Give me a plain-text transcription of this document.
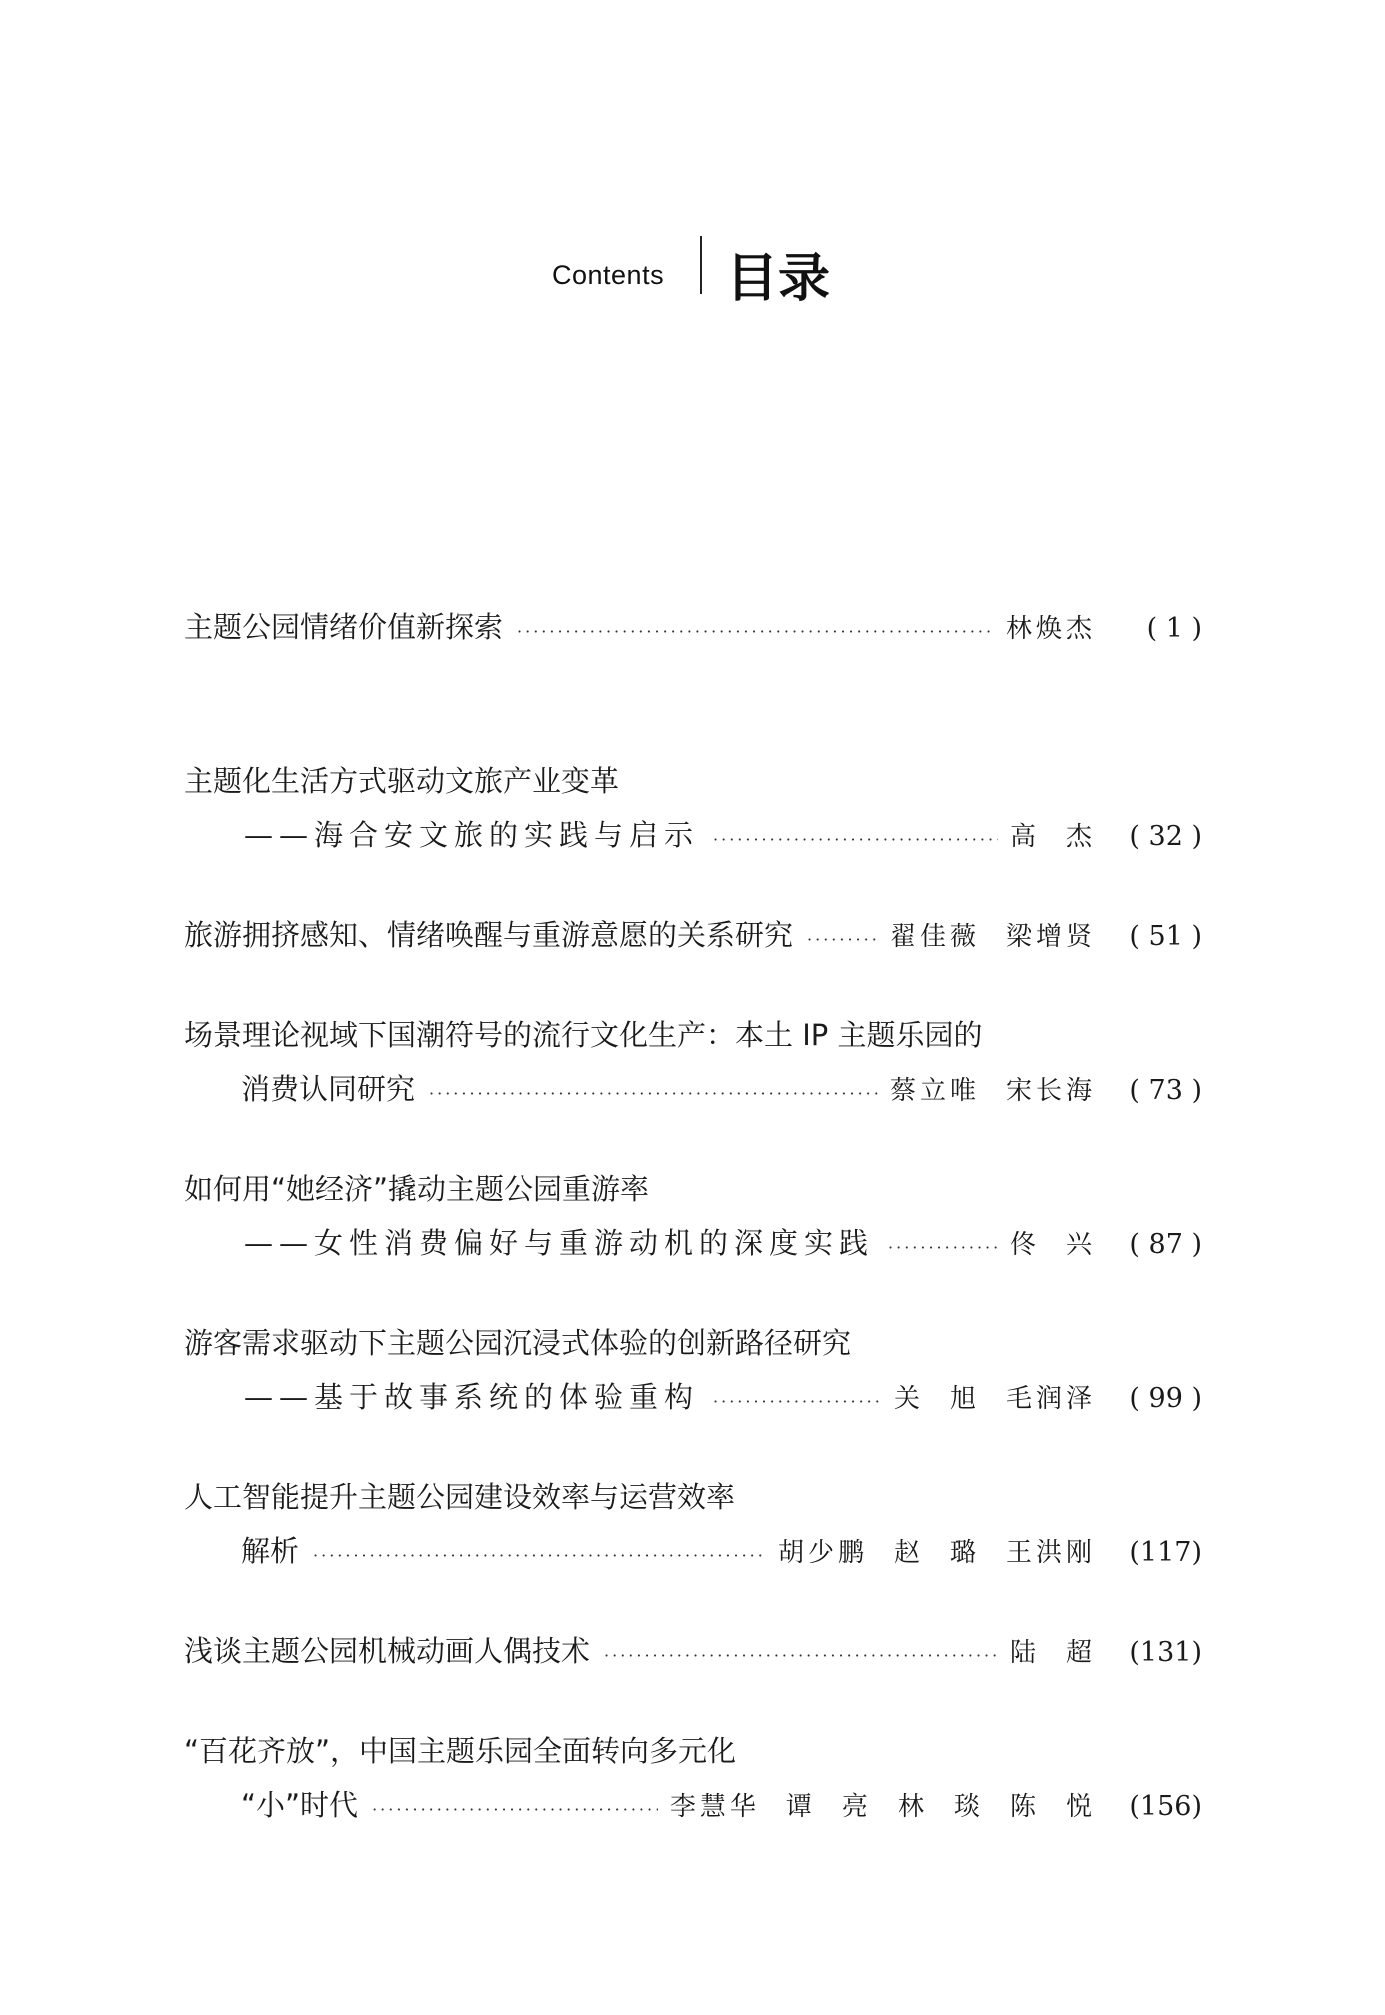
Contents 目录
主题公园情绪价值新探索 ·····	林焕杰	( 1 )
主题化生活方式驱动文旅产业变革
——海合安文旅的实践与启示 ·····	高 杰	( 32 )
旅游拥挤感知、情绪唤醒与重游意愿的关系研究 ·····	翟佳薇 梁增贤	( 51 )
场景理论视域下国潮符号的流行文化生产：本土 IP 主题乐园的
消费认同研究 ·····	蔡立唯 宋长海	( 73 )
如何用“她经济”撬动主题公园重游率
——女性消费偏好与重游动机的深度实践 ·····	佟 兴	( 87 )
游客需求驱动下主题公园沉浸式体验的创新路径研究
——基于故事系统的体验重构 ·····	关 旭 毛润泽	( 99 )
人工智能提升主题公园建设效率与运营效率
解析 ·····	胡少鹏 赵 璐 王洪刚	(117)
浅谈主题公园机械动画人偶技术 ·····	陆 超	(131)
“百花齐放”，中国主题乐园全面转向多元化
“小”时代 ·····	李慧华 谭 亮 林 琰 陈 悦	(156)
